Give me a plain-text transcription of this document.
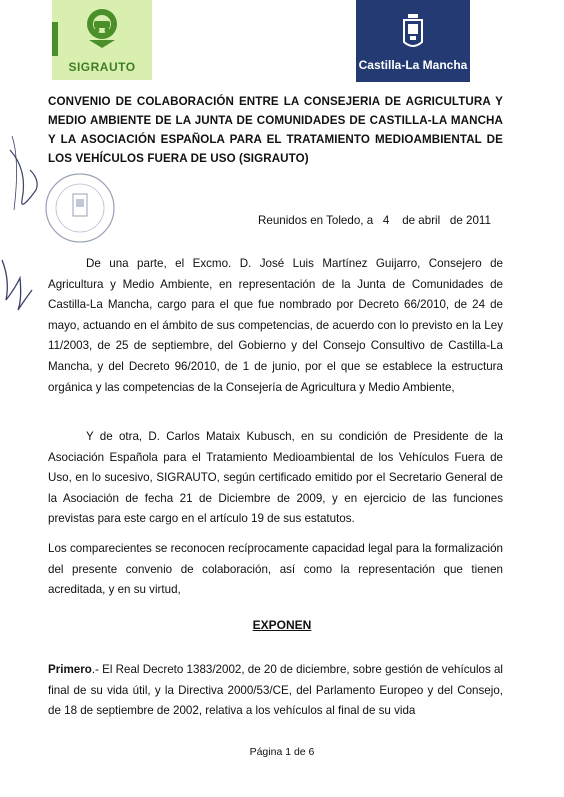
SIGRAUTO	Castilla-La Mancha
CONVENIO DE COLABORACIÓN ENTRE LA CONSEJERIA DE AGRICULTURA Y MEDIO AMBIENTE DE LA JUNTA DE COMUNIDADES DE CASTILLA-LA MANCHA Y LA ASOCIACIÓN ESPAÑOLA PARA EL TRATAMIENTO MEDIOAMBIENTAL DE LOS VEHÍCULOS FUERA DE USO (SIGRAUTO)
Reunidos en Toledo, a 4 de abril de 2011

De una parte, el Excmo. D. José Luis Martínez Guijarro, Consejero de Agricultura y Medio Ambiente, en representación de la Junta de Comunidades de Castilla-La Mancha, cargo para el que fue nombrado por Decreto 66/2010, de 24 de mayo, actuando en el ámbito de sus competencias, de acuerdo con lo previsto en la Ley 11/2003, de 25 de septiembre, del Gobierno y del Consejo Consultivo de Castilla-La Mancha, y del Decreto 96/2010, de 1 de junio, por el que se establece la estructura orgánica y las competencias de la Consejería de Agricultura y Medio Ambiente,

Y de otra, D. Carlos Mataix Kubusch, en su condición de Presidente de la Asociación Española para el Tratamiento Medioambiental de los Vehículos Fuera de Uso, en lo sucesivo, SIGRAUTO, según certificado emitido por el Secretario General de la Asociación de fecha 21 de Diciembre de 2009, y en ejercicio de las funciones previstas para este cargo en el artículo 19 de sus estatutos.

Los comparecientes se reconocen recíprocamente capacidad legal para la formalización del presente convenio de colaboración, así como la representación que tienen acreditada, y en su virtud,

EXPONEN

Primero.- El Real Decreto 1383/2002, de 20 de diciembre, sobre gestión de vehículos al final de su vida útil, y la Directiva 2000/53/CE, del Parlamento Europeo y del Consejo, de 18 de septiembre de 2002, relativa a los vehículos al final de su vida

Página 1 de 6
